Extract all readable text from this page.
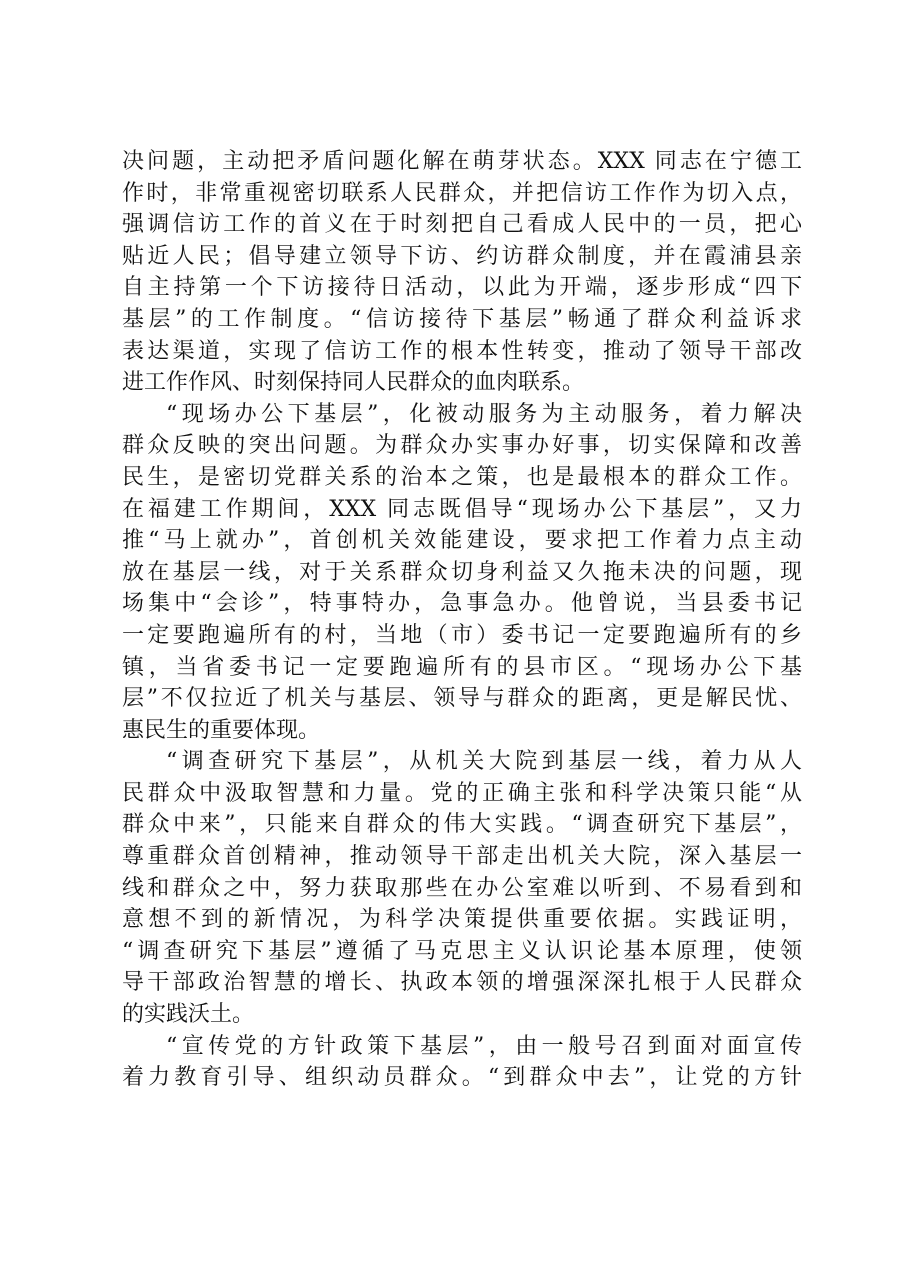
决问题，主动把矛盾问题化解在萌芽状态。XXX 同志在宁德工
作时，非常重视密切联系人民群众，并把信访工作作为切入点，
强调信访工作的首义在于时刻把自己看成人民中的一员，把心
贴近人民；倡导建立领导下访、约访群众制度，并在霞浦县亲
自主持第一个下访接待日活动，以此为开端，逐步形成“四下
基层”的工作制度。“信访接待下基层”畅通了群众利益诉求
表达渠道，实现了信访工作的根本性转变，推动了领导干部改
进工作作风、时刻保持同人民群众的血肉联系。
“现场办公下基层”，化被动服务为主动服务，着力解决
群众反映的突出问题。为群众办实事办好事，切实保障和改善
民生，是密切党群关系的治本之策，也是最根本的群众工作。
在福建工作期间，XXX 同志既倡导“现场办公下基层”，又力
推“马上就办”，首创机关效能建设，要求把工作着力点主动
放在基层一线，对于关系群众切身利益又久拖未决的问题，现
场集中“会诊”，特事特办，急事急办。他曾说，当县委书记
一定要跑遍所有的村，当地（市）委书记一定要跑遍所有的乡
镇，当省委书记一定要跑遍所有的县市区。“现场办公下基
层”不仅拉近了机关与基层、领导与群众的距离，更是解民忧、
惠民生的重要体现。
“调查研究下基层”，从机关大院到基层一线，着力从人
民群众中汲取智慧和力量。党的正确主张和科学决策只能“从
群众中来”，只能来自群众的伟大实践。“调查研究下基层”，
尊重群众首创精神，推动领导干部走出机关大院，深入基层一
线和群众之中，努力获取那些在办公室难以听到、不易看到和
意想不到的新情况，为科学决策提供重要依据。实践证明，
“调查研究下基层”遵循了马克思主义认识论基本原理，使领
导干部政治智慧的增长、执政本领的增强深深扎根于人民群众
的实践沃土。
“宣传党的方针政策下基层”，由一般号召到面对面宣传
着力教育引导、组织动员群众。“到群众中去”，让党的方针
